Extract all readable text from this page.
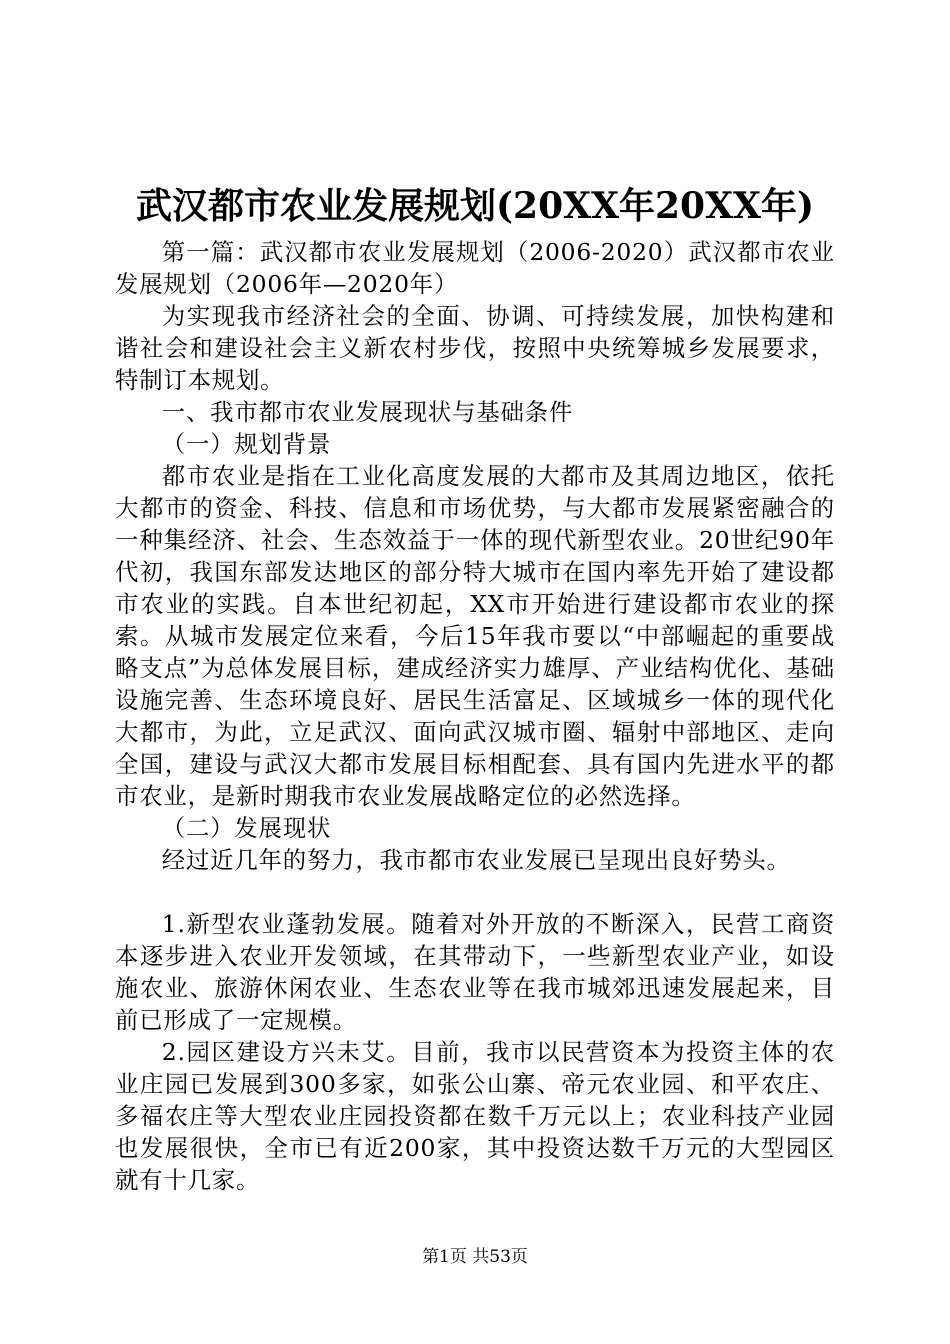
武汉都市农业发展规划(20XX年20XX年)

第一篇：武汉都市农业发展规划（2006-2020）武汉都市农业发展规划（2006年—2020年）

为实现我市经济社会的全面、协调、可持续发展，加快构建和谐社会和建设社会主义新农村步伐，按照中央统筹城乡发展要求，特制订本规划。

一、我市都市农业发展现状与基础条件

（一）规划背景

都市农业是指在工业化高度发展的大都市及其周边地区，依托大都市的资金、科技、信息和市场优势，与大都市发展紧密融合的一种集经济、社会、生态效益于一体的现代新型农业。20世纪90年代初，我国东部发达地区的部分特大城市在国内率先开始了建设都市农业的实践。自本世纪初起，XX市开始进行建设都市农业的探索。从城市发展定位来看，今后15年我市要以“中部崛起的重要战略支点”为总体发展目标，建成经济实力雄厚、产业结构优化、基础设施完善、生态环境良好、居民生活富足、区域城乡一体的现代化大都市，为此，立足武汉、面向武汉城市圈、辐射中部地区、走向全国，建设与武汉大都市发展目标相配套、具有国内先进水平的都市农业，是新时期我市农业发展战略定位的必然选择。

（二）发展现状

经过近几年的努力，我市都市农业发展已呈现出良好势头。

1.新型农业蓬勃发展。随着对外开放的不断深入，民营工商资本逐步进入农业开发领域，在其带动下，一些新型农业产业，如设施农业、旅游休闲农业、生态农业等在我市城郊迅速发展起来，目前已形成了一定规模。

2.园区建设方兴未艾。目前，我市以民营资本为投资主体的农业庄园已发展到300多家，如张公山寨、帝元农业园、和平农庄、多福农庄等大型农业庄园投资都在数千万元以上；农业科技产业园也发展很快，全市已有近200家，其中投资达数千万元的大型园区就有十几家。

第1页 共53页
